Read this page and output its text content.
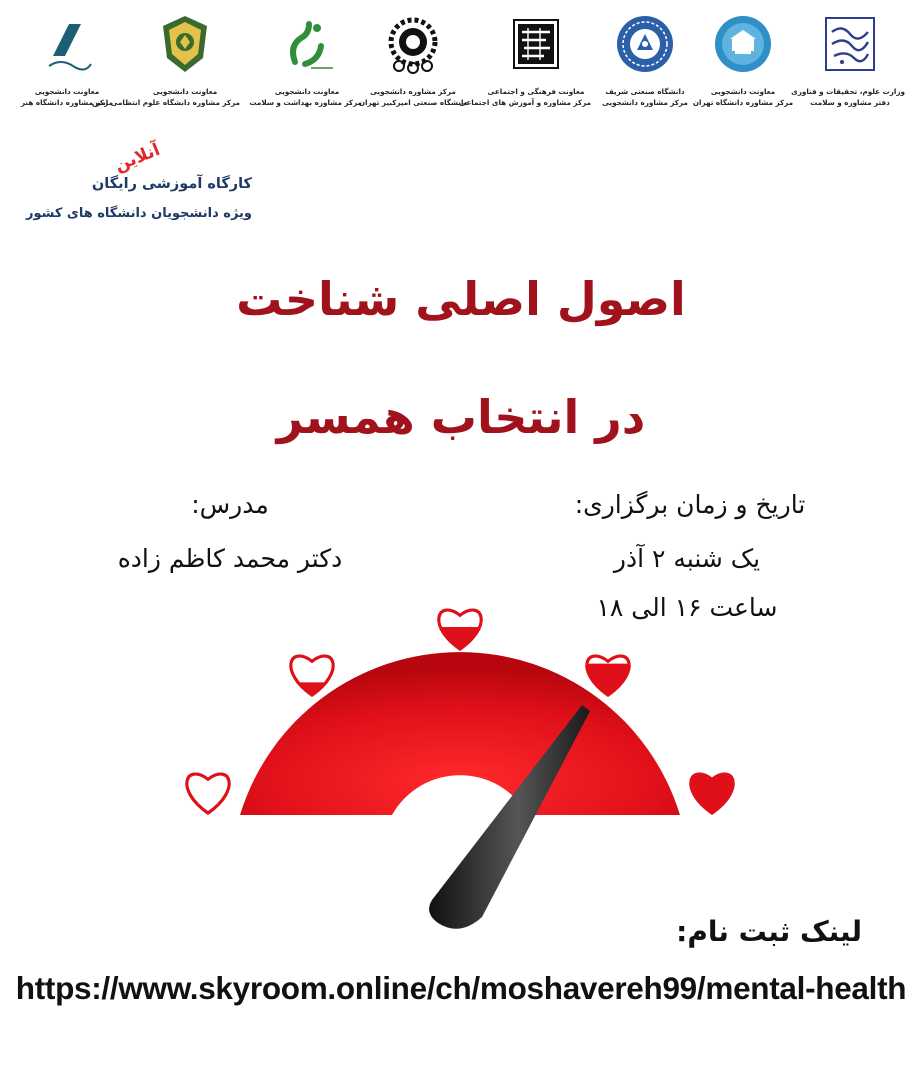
وزارت علوم، تحقیقات و فناوری
دفتر مشاوره و سلامت
معاونت دانشجویی
مرکز مشاوره دانشگاه تهران
دانشگاه صنعتی شریف
مرکز مشاوره دانشجویی
معاونت فرهنگی و اجتماعی
مرکز مشاوره و آموزش های اجتماعی
مرکز مشاوره دانشجویی
دانشگاه صنعتی امیرکبیر تهران
معاونت دانشجویی
مرکز مشاوره بهداشت و سلامت
معاونت دانشجویی
مرکز مشاوره دانشگاه علوم انتظامی امین
معاونت دانشجویی
مرکز مشاوره دانشگاه هنر
آنلاین
کارگاه آموزشی رایگان
ویژه دانشجویان دانشگاه های کشور
اصول اصلی شناخت
در انتخاب همسر
تاریخ و زمان برگزاری:
یک شنبه ۲ آذر
ساعت ۱۶ الی ۱۸
مدرس:
دکتر محمد کاظم زاده
لینک ثبت نام:
https://www.skyroom.online/ch/moshavereh99/mental-health
